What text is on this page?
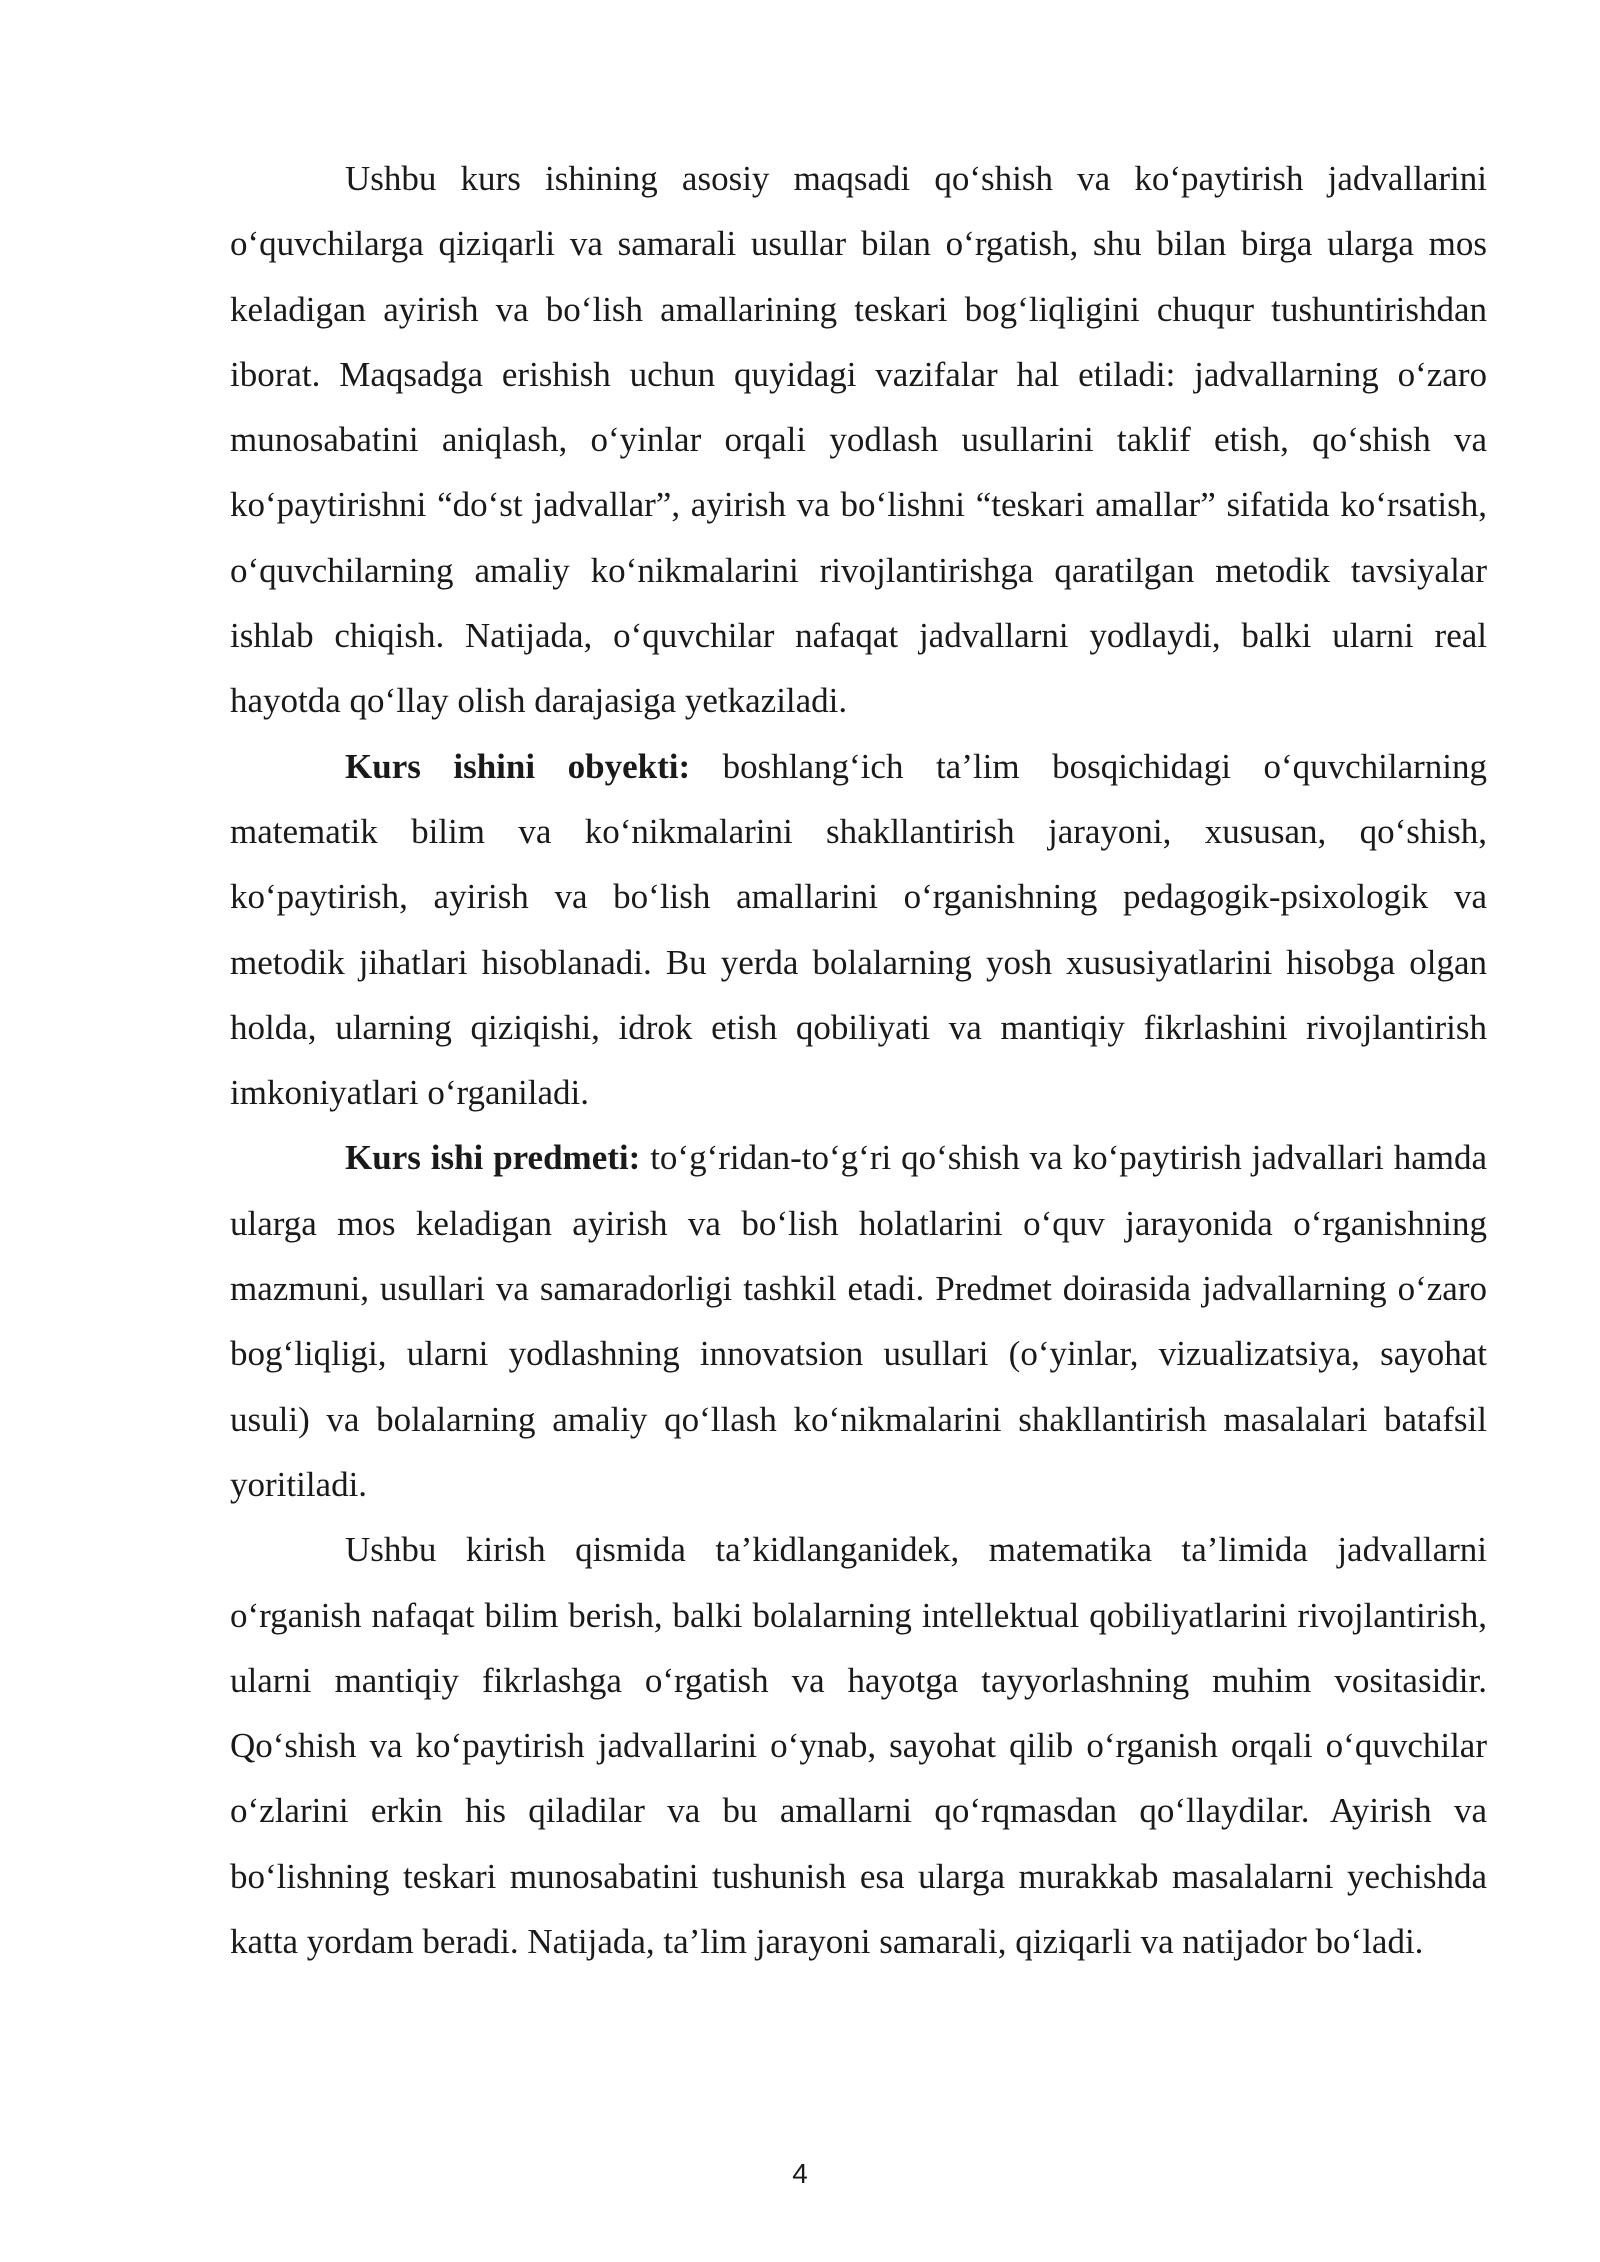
Ushbu kurs ishining asosiy maqsadi qo‘shish va ko‘paytirish jadvallarini o‘quvchilarga qiziqarli va samarali usullar bilan o‘rgatish, shu bilan birga ularga mos keladigan ayirish va bo‘lish amallarining teskari bog‘liqligini chuqur tushuntirishdan iborat. Maqsadga erishish uchun quyidagi vazifalar hal etiladi: jadvallarning o‘zaro munosabatini aniqlash, o‘yinlar orqali yodlash usullarini taklif etish, qo‘shish va ko‘paytirishni “do‘st jadvallar”, ayirish va bo‘lishni “teskari amallar” sifatida ko‘rsatish, o‘quvchilarning amaliy ko‘nikmalarini rivojlantirishga qaratilgan metodik tavsiyalar ishlab chiqish. Natijada, o‘quvchilar nafaqat jadvallarni yodlaydi, balki ularni real hayotda qo‘llay olish darajasiga yetkaziladi.

Kurs ishini obyekti: boshlang‘ich ta’lim bosqichidagi o‘quvchilarning matematik bilim va ko‘nikmalarini shakllantirish jarayoni, xususan, qo‘shish, ko‘paytirish, ayirish va bo‘lish amallarini o‘rganishning pedagogik-psixologik va metodik jihatlari hisoblanadi. Bu yerda bolalarning yosh xususiyatlarini hisobga olgan holda, ularning qiziqishi, idrok etish qobiliyati va mantiqiy fikrlashini rivojlantirish imkoniyatlari o‘rganiladi.

Kurs ishi predmeti: to‘g‘ridan-to‘g‘ri qo‘shish va ko‘paytirish jadvallari hamda ularga mos keladigan ayirish va bo‘lish holatlarini o‘quv jarayonida o‘rganishning mazmuni, usullari va samaradorligi tashkil etadi. Predmet doirasida jadvallarning o‘zaro bog‘liqligi, ularni yodlashning innovatsion usullari (o‘yinlar, vizualizatsiya, sayohat usuli) va bolalarning amaliy qo‘llash ko‘nikmalarini shakllantirish masalalari batafsil yoritiladi.

Ushbu kirish qismida ta’kidlanganidek, matematika ta’limida jadvallarni o‘rganish nafaqat bilim berish, balki bolalarning intellektual qobiliyatlarini rivojlantirish, ularni mantiqiy fikrlashga o‘rgatish va hayotga tayyorlashning muhim vositasidir. Qo‘shish va ko‘paytirish jadvallarini o‘ynab, sayohat qilib o‘rganish orqali o‘quvchilar o‘zlarini erkin his qiladilar va bu amallarni qo‘rqmasdan qo‘llaydilar. Ayirish va bo‘lishning teskari munosabatini tushunish esa ularga murakkab masalalarni yechishda katta yordam beradi. Natijada, ta’lim jarayoni samarali, qiziqarli va natijador bo‘ladi.

4
